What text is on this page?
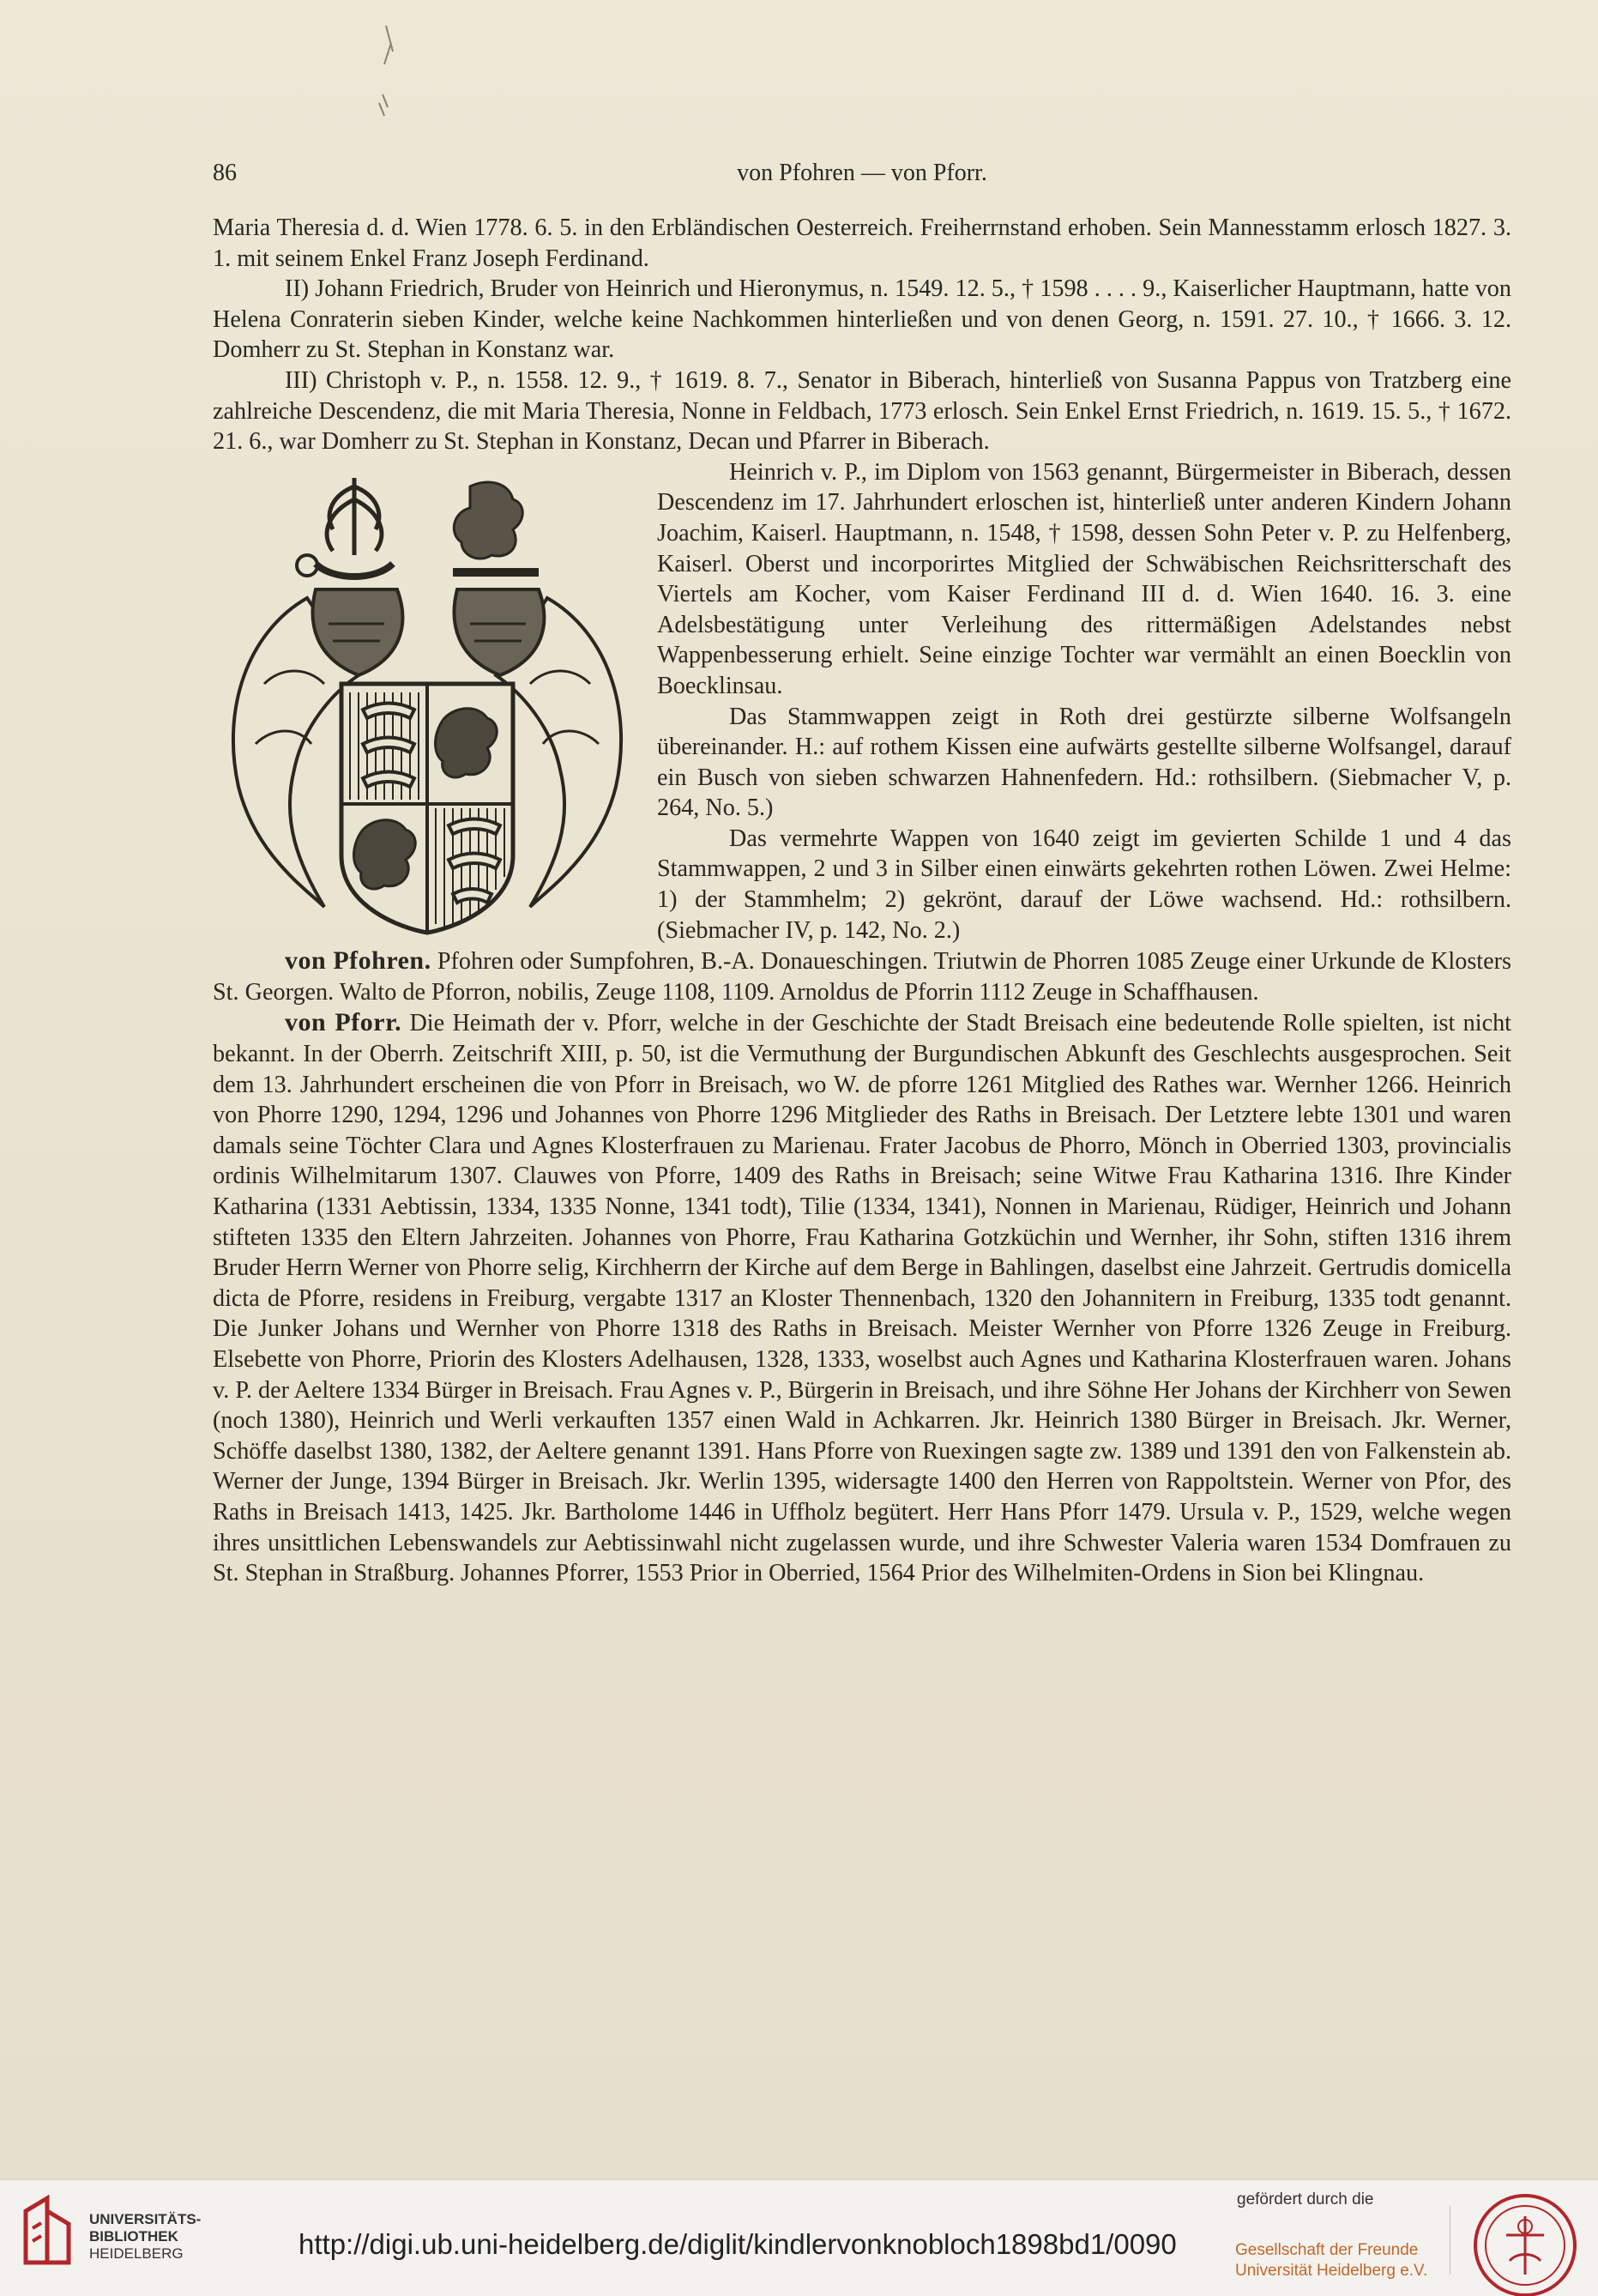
86	von Pfohren — von Pforr.

Maria Theresia d. d. Wien 1778. 6. 5. in den Erbländischen Oesterreich. Freiherrnstand erhoben. Sein Mannesstamm erlosch 1827. 3. 1. mit seinem Enkel Franz Joseph Ferdinand.

II) Johann Friedrich, Bruder von Heinrich und Hieronymus, n. 1549. 12. 5., † 1598 . . . . 9., Kaiserlicher Hauptmann, hatte von Helena Conraterin sieben Kinder, welche keine Nachkommen hinterließen und von denen Georg, n. 1591. 27. 10., † 1666. 3. 12. Domherr zu St. Stephan in Konstanz war.

III) Christoph v. P., n. 1558. 12. 9., † 1619. 8. 7., Senator in Biberach, hinterließ von Susanna Pappus von Tratzberg eine zahlreiche Descendenz, die mit Maria Theresia, Nonne in Feldbach, 1773 erlosch. Sein Enkel Ernst Friedrich, n. 1619. 15. 5., † 1672. 21. 6., war Domherr zu St. Stephan in Konstanz, Decan und Pfarrer in Biberach.

Heinrich v. P., im Diplom von 1563 genannt, Bürgermeister in Biberach, dessen Descendenz im 17. Jahrhundert erloschen ist, hinterließ unter anderen Kindern Johann Joachim, Kaiserl. Hauptmann, n. 1548, † 1598, dessen Sohn Peter v. P. zu Helfenberg, Kaiserl. Oberst und incorporirtes Mitglied der Schwäbischen Reichsritterschaft des Viertels am Kocher, vom Kaiser Ferdinand III d. d. Wien 1640. 16. 3. eine Adelsbestätigung unter Verleihung des rittermäßigen Adelstandes nebst Wappenbesserung erhielt. Seine einzige Tochter war vermählt an einen Boecklin von Boecklinsau.

Das Stammwappen zeigt in Roth drei gestürzte silberne Wolfsangeln übereinander. H.: auf rothem Kissen eine aufwärts gestellte silberne Wolfsangel, darauf ein Busch von sieben schwarzen Hahnenfedern. Hd.: rothsilbern. (Siebmacher V, p. 264, No. 5.)

Das vermehrte Wappen von 1640 zeigt im gevierten Schilde 1 und 4 das Stammwappen, 2 und 3 in Silber einen einwärts gekehrten rothen Löwen. Zwei Helme: 1) der Stammhelm; 2) gekrönt, darauf der Löwe wachsend. Hd.: rothsilbern. (Siebmacher IV, p. 142, No. 2.)

von Pfohren. Pfohren oder Sumpfohren, B.-A. Donaueschingen. Triutwin de Phorren 1085 Zeuge einer Urkunde de Klosters St. Georgen. Walto de Pforron, nobilis, Zeuge 1108, 1109. Arnoldus de Pforrin 1112 Zeuge in Schaffhausen.

von Pforr. Die Heimath der v. Pforr, welche in der Geschichte der Stadt Breisach eine bedeutende Rolle spielten, ist nicht bekannt. In der Oberrh. Zeitschrift XIII, p. 50, ist die Vermuthung der Burgundischen Abkunft des Geschlechts ausgesprochen. Seit dem 13. Jahrhundert erscheinen die von Pforr in Breisach, wo W. de pforre 1261 Mitglied des Rathes war. Wernher 1266. Heinrich von Phorre 1290, 1294, 1296 und Johannes von Phorre 1296 Mitglieder des Raths in Breisach. Der Letztere lebte 1301 und waren damals seine Töchter Clara und Agnes Klosterfrauen zu Marienau. Frater Jacobus de Phorro, Mönch in Oberried 1303, provincialis ordinis Wilhelmitarum 1307. Clauwes von Pforre, 1409 des Raths in Breisach; seine Witwe Frau Katharina 1316. Ihre Kinder Katharina (1331 Aebtissin, 1334, 1335 Nonne, 1341 todt), Tilie (1334, 1341), Nonnen in Marienau, Rüdiger, Heinrich und Johann stifteten 1335 den Eltern Jahrzeiten. Johannes von Phorre, Frau Katharina Gotzküchin und Wernher, ihr Sohn, stiften 1316 ihrem Bruder Herrn Werner von Phorre selig, Kirchherrn der Kirche auf dem Berge in Bahlingen, daselbst eine Jahrzeit. Gertrudis domicella dicta de Pforre, residens in Freiburg, vergabte 1317 an Kloster Thennenbach, 1320 den Johannitern in Freiburg, 1335 todt genannt. Die Junker Johans und Wernher von Phorre 1318 des Raths in Breisach. Meister Wernher von Pforre 1326 Zeuge in Freiburg. Elsebette von Phorre, Priorin des Klosters Adelhausen, 1328, 1333, woselbst auch Agnes und Katharina Klosterfrauen waren. Johans v. P. der Aeltere 1334 Bürger in Breisach. Frau Agnes v. P., Bürgerin in Breisach, und ihre Söhne Her Johans der Kirchherr von Sewen (noch 1380), Heinrich und Werli verkauften 1357 einen Wald in Achkarren. Jkr. Heinrich 1380 Bürger in Breisach. Jkr. Werner, Schöffe daselbst 1380, 1382, der Aeltere genannt 1391. Hans Pforre von Ruexingen sagte zw. 1389 und 1391 den von Falkenstein ab. Werner der Junge, 1394 Bürger in Breisach. Jkr. Werlin 1395, widersagte 1400 den Herren von Rappoltstein. Werner von Pfor, des Raths in Breisach 1413, 1425. Jkr. Bartholome 1446 in Uffholz begütert. Herr Hans Pforr 1479. Ursula v. P., 1529, welche wegen ihres unsittlichen Lebenswandels zur Aebtissinwahl nicht zugelassen wurde, und ihre Schwester Valeria waren 1534 Domfrauen zu St. Stephan in Straßburg. Johannes Pforrer, 1553 Prior in Oberried, 1564 Prior des Wilhelmiten-Ordens in Sion bei Klingnau.

UNIVERSITÄTS-
BIBLIOTHEK
HEIDELBERG	http://digi.ub.uni-heidelberg.de/diglit/kindlervonknobloch1898bd1/0090
gefördert durch die
Gesellschaft der Freunde
Universität Heidelberg e.V.
